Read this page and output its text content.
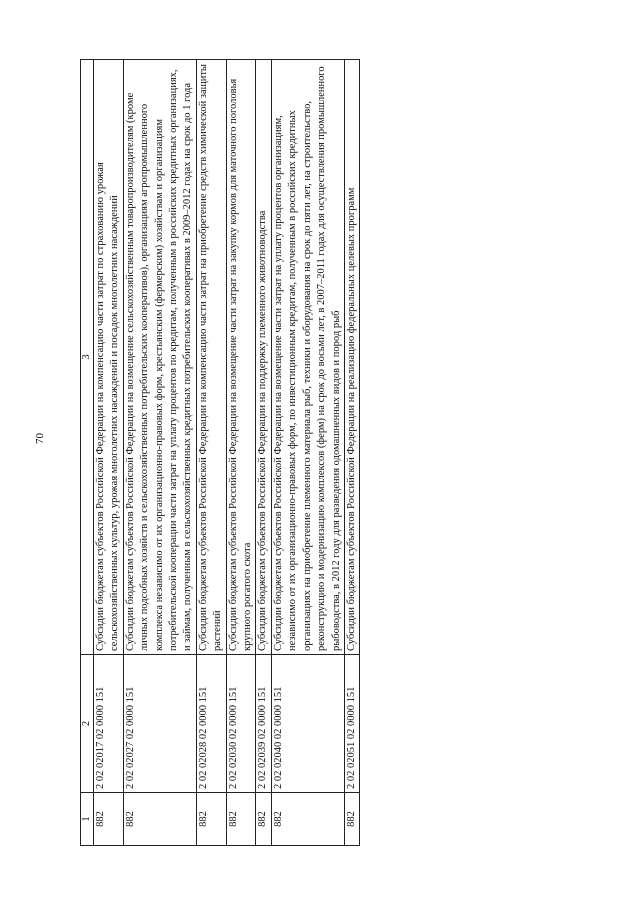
70
1	2	3
882	2 02 02017 02 0000 151	Субсидии бюджетам субъектов Российской Федерации на компенсацию части затрат по страхованию урожая сельскохозяйственных культур, урожая многолетних насаждений и посадок многолетних насаждений
882	2 02 02027 02 0000 151	Субсидии бюджетам субъектов Российской Федерации на возмещение сельскохозяйственным товаропроизводителям (кроме личных подсобных хозяйств и сельскохозяйственных потребительских кооперативов), организациям агропромышленного комплекса независимо от их организационно-правовых форм, крестьянским (фермерским) хозяйствам и организациям потребительской кооперации части затрат на уплату процентов по кредитам, полученным в российских кредитных организациях, и займам, полученным в сельскохозяйственных кредитных потребительских кооперативах в 2009–2012 годах на срок до 1 года
882	2 02 02028 02 0000 151	Субсидии бюджетам субъектов Российской Федерации на компенсацию части затрат на приобретение средств химической защиты растений
882	2 02 02030 02 0000 151	Субсидии бюджетам субъектов Российской Федерации на возмещение части затрат на закупку кормов для маточного поголовья крупного рогатого скота
882	2 02 02039 02 0000 151	Субсидии бюджетам субъектов Российской Федерации на поддержку племенного животноводства
882	2 02 02040 02 0000 151	Субсидии бюджетам субъектов Российской Федерации на возмещение части затрат на уплату процентов организациям, независимо от их организационно-правовых форм, по инвестиционным кредитам, полученным в российских кредитных организациях на приобретение племенного материала рыб, техники и оборудования на срок до пяти лет, на строительство, реконструкцию и модернизацию комплексов (ферм) на срок до восьми лет, в 2007–2011 годах для осуществления промышленного рыбоводства, в 2012 году для разведения одомашненных видов и пород рыб
882	2 02 02051 02 0000 151	Субсидии бюджетам субъектов Российской Федерации на реализацию федеральных целевых программ
